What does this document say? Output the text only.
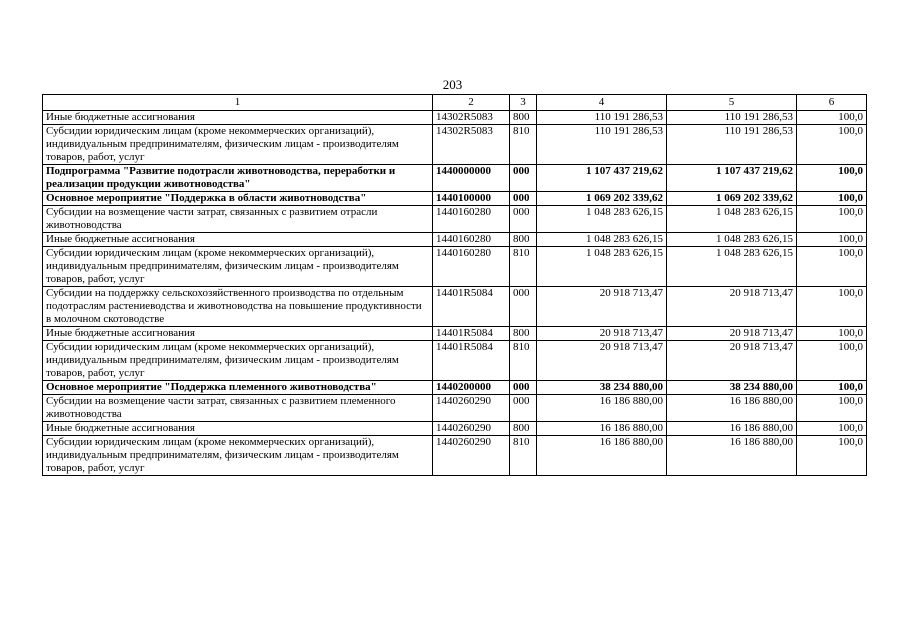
203
1	2	3	4	5	6
Иные бюджетные ассигнования	14302R5083	800	110 191 286,53	110 191 286,53	100,0
Субсидии юридическим лицам (кроме некоммерческих организаций), индивидуальным предпринимателям, физическим лицам - производителям товаров, работ, услуг	14302R5083	810	110 191 286,53	110 191 286,53	100,0
Подпрограмма "Развитие подотрасли животноводства, переработки и реализации продукции животноводства"	1440000000	000	1 107 437 219,62	1 107 437 219,62	100,0
Основное мероприятие "Поддержка в области животноводства"	1440100000	000	1 069 202 339,62	1 069 202 339,62	100,0
Субсидии на возмещение части затрат, связанных с развитием отрасли животноводства	1440160280	000	1 048 283 626,15	1 048 283 626,15	100,0
Иные бюджетные ассигнования	1440160280	800	1 048 283 626,15	1 048 283 626,15	100,0
Субсидии юридическим лицам (кроме некоммерческих организаций), индивидуальным предпринимателям, физическим лицам - производителям товаров, работ, услуг	1440160280	810	1 048 283 626,15	1 048 283 626,15	100,0
Субсидии на поддержку сельскохозяйственного производства по отдельным подотраслям растениеводства и животноводства на повышение продуктивности в молочном скотоводстве	14401R5084	000	20 918 713,47	20 918 713,47	100,0
Иные бюджетные ассигнования	14401R5084	800	20 918 713,47	20 918 713,47	100,0
Субсидии юридическим лицам (кроме некоммерческих организаций), индивидуальным предпринимателям, физическим лицам - производителям товаров, работ, услуг	14401R5084	810	20 918 713,47	20 918 713,47	100,0
Основное мероприятие "Поддержка племенного животноводства"	1440200000	000	38 234 880,00	38 234 880,00	100,0
Субсидии на возмещение части затрат, связанных с развитием племенного животноводства	1440260290	000	16 186 880,00	16 186 880,00	100,0
Иные бюджетные ассигнования	1440260290	800	16 186 880,00	16 186 880,00	100,0
Субсидии юридическим лицам (кроме некоммерческих организаций), индивидуальным предпринимателям, физическим лицам - производителям товаров, работ, услуг	1440260290	810	16 186 880,00	16 186 880,00	100,0
